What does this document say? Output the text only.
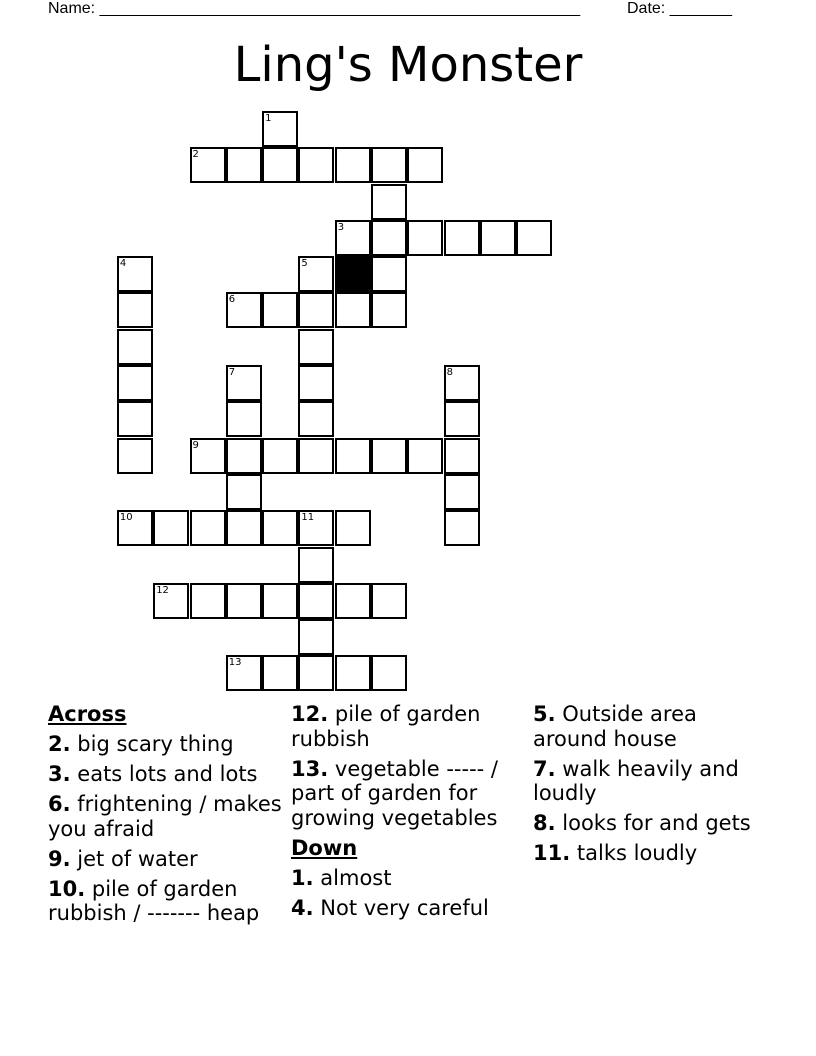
Name: ______________________________________________________	Date: _______
Ling's Monster
1
2
3
4	5
6
7	8
9
10	11
12
13
Across
2. big scary thing
3. eats lots and lots
6. frightening / makes you afraid
9. jet of water
10. pile of garden rubbish / ------- heap
12. pile of garden rubbish
13. vegetable ----- / part of garden for growing vegetables
Down
1. almost
4. Not very careful
5. Outside area around house
7. walk heavily and loudly
8. looks for and gets
11. talks loudly
